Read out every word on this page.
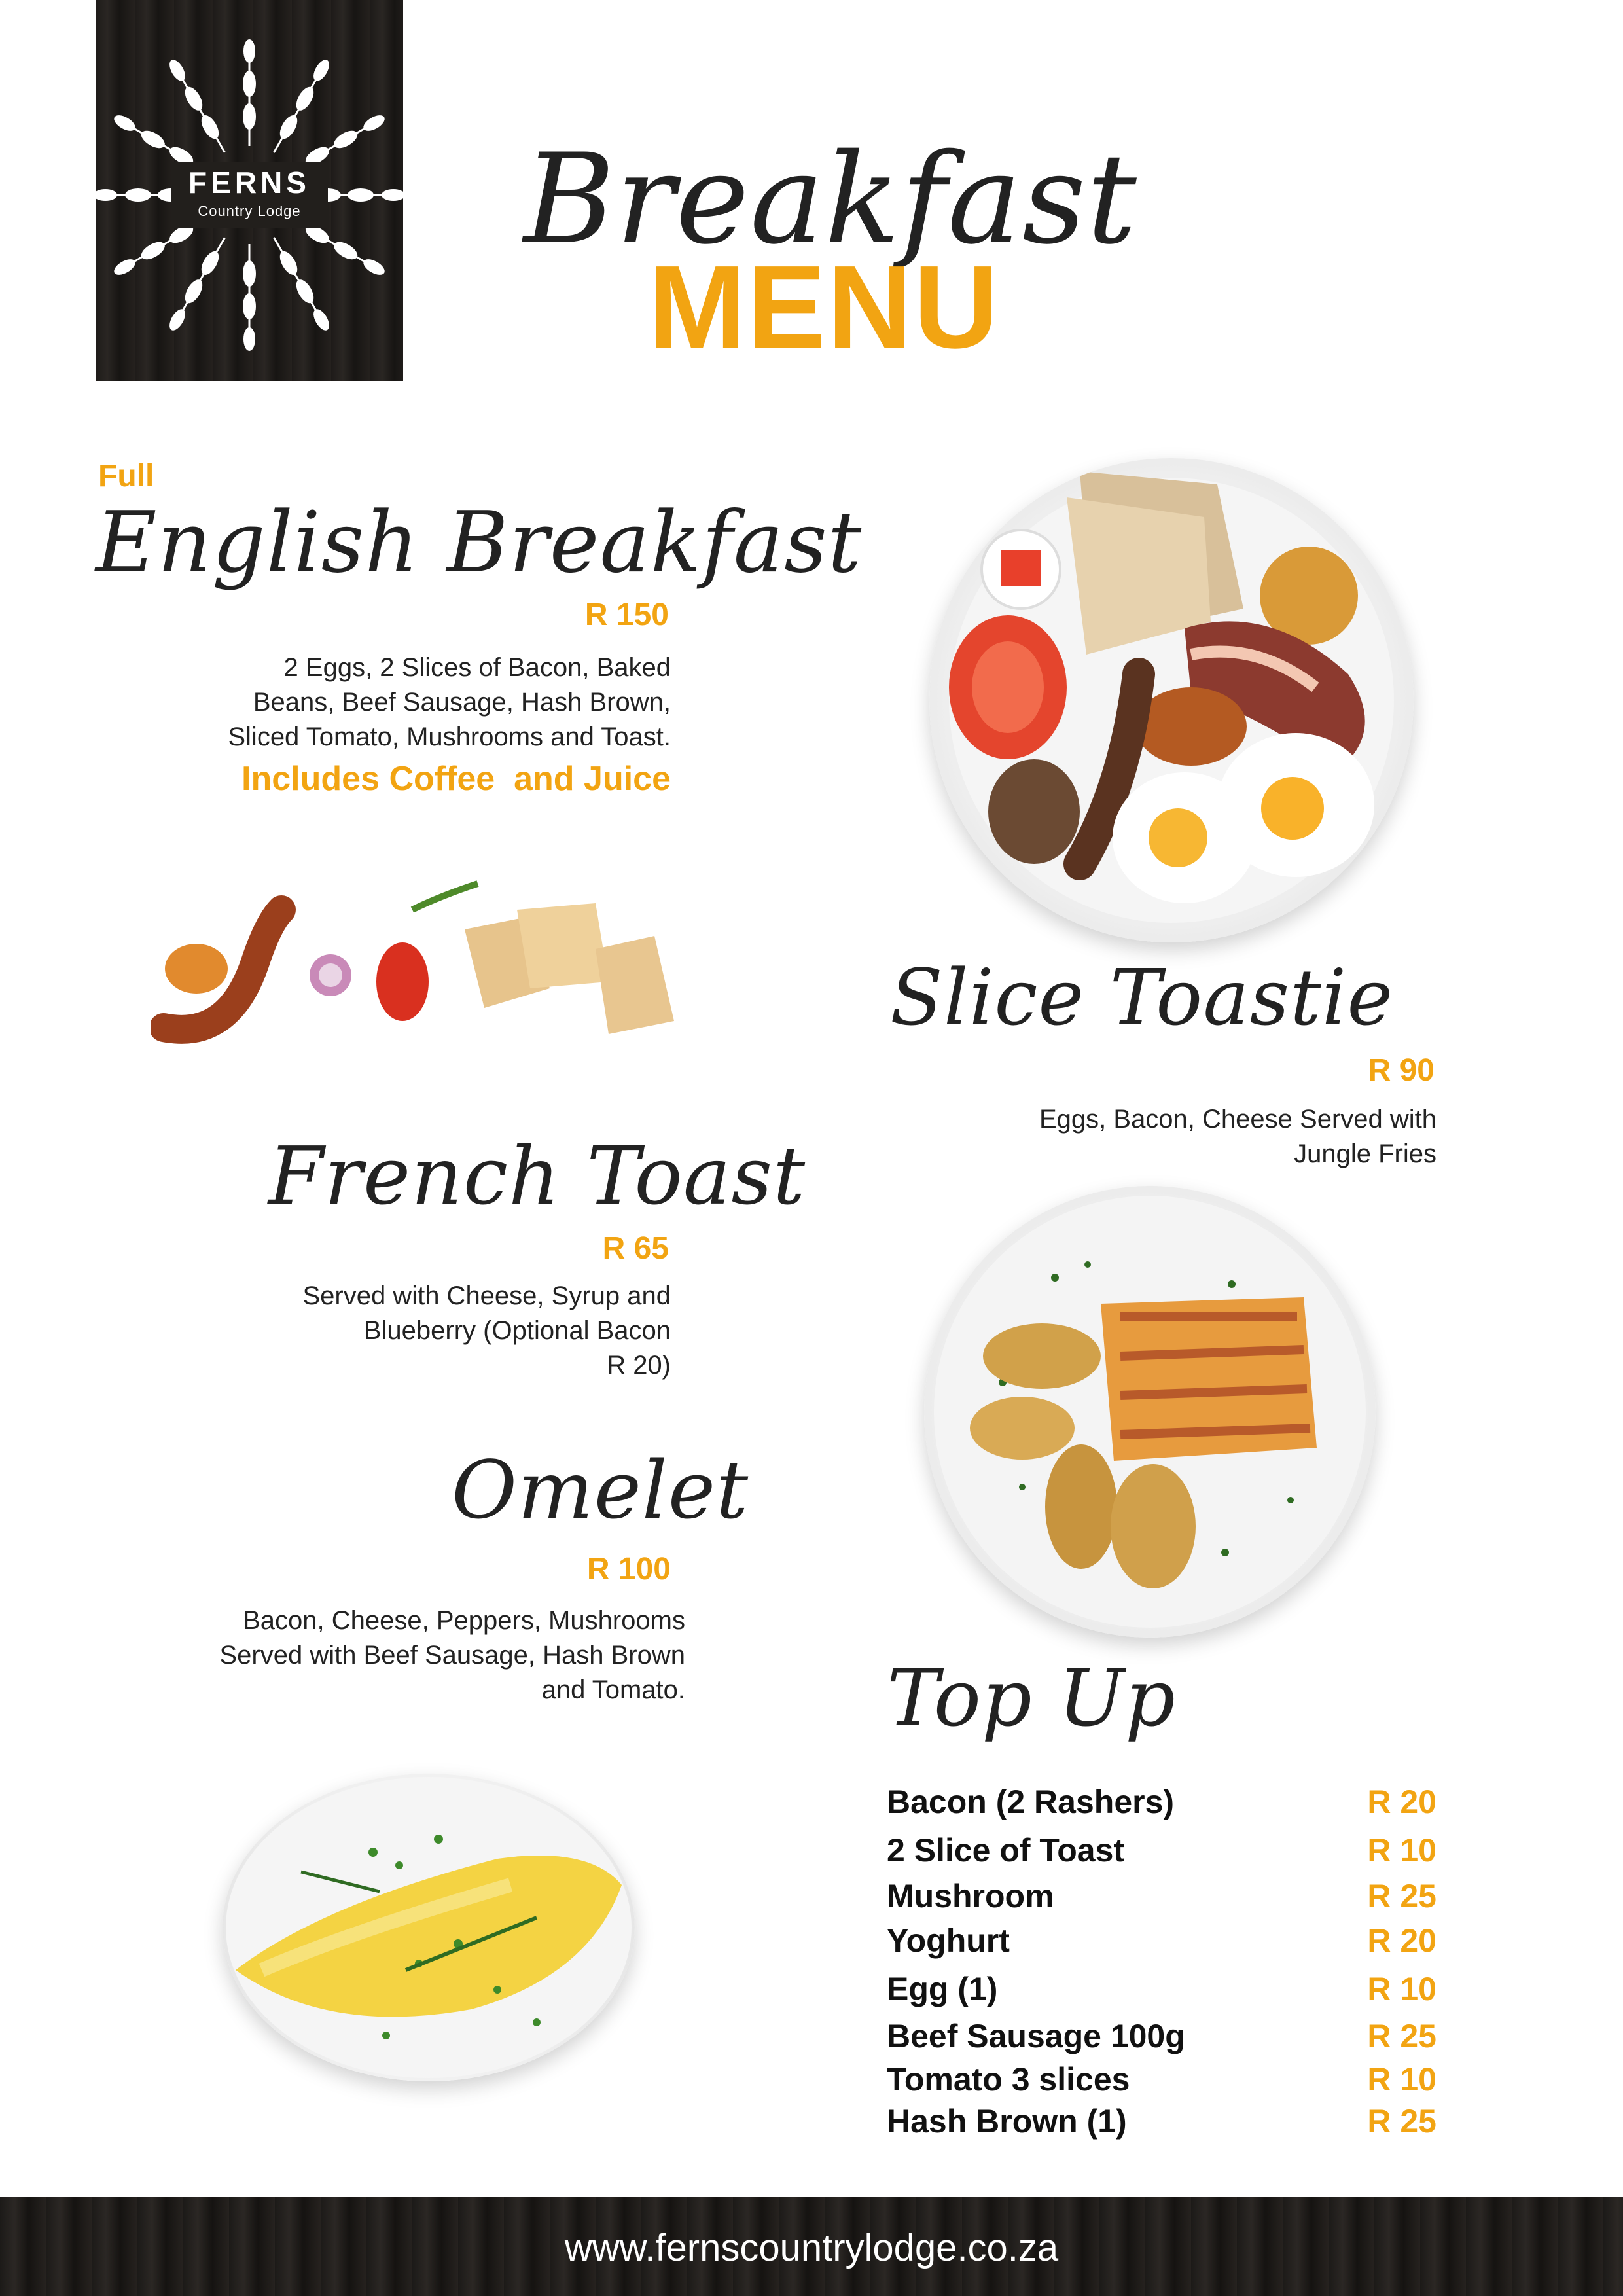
FERNS
Country Lodge	Breakfast
MENU
Full
English Breakfast
R 150
2 Eggs, 2 Slices of Bacon, Baked
Beans, Beef Sausage, Hash Brown,
Sliced Tomato, Mushrooms and Toast.
Includes Coffee  and Juice
Slice Toastie
R 90
Eggs, Bacon, Cheese Served with
Jungle Fries
French Toast
R 65
Served with Cheese, Syrup and
Blueberry (Optional Bacon
R 20)
Omelet
R 100
Bacon, Cheese, Peppers, Mushrooms
Served with Beef Sausage, Hash Brown
and Tomato.	Top Up
Bacon (2 Rashers)	R 20
2 Slice of Toast	R 10
Mushroom	R 25
Yoghurt	R 20
Egg (1)	R 10
Beef Sausage 100g	R 25
Tomato 3 slices	R 10
Hash Brown (1)	R 25
www.fernscountrylodge.co.za
